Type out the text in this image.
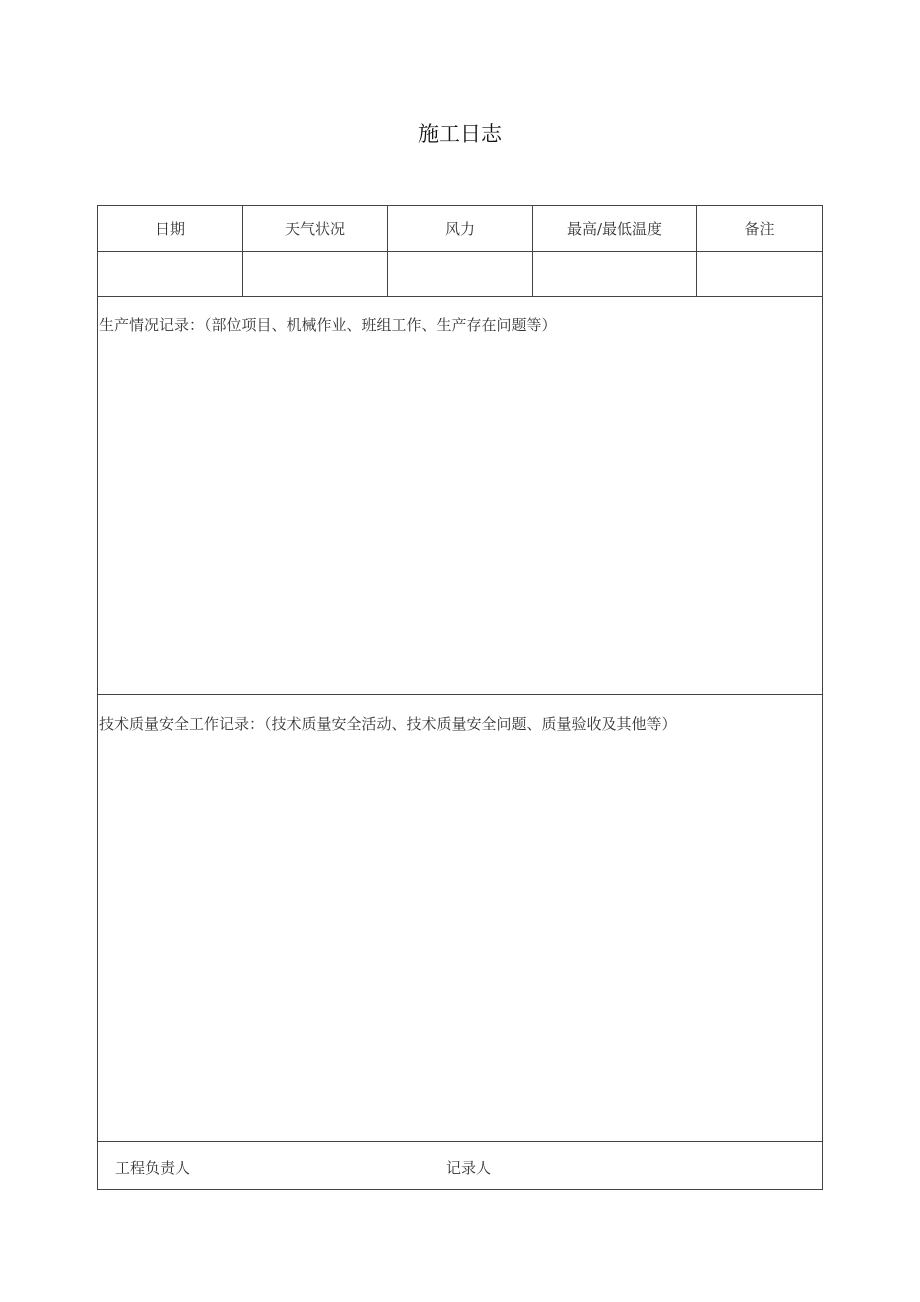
施工日志
日期	天气状况	风力	最高/最低温度	备注
生产情况记录：（部位项目、机械作业、班组工作、生产存在问题等）
技术质量安全工作记录：（技术质量安全活动、技术质量安全问题、质量验收及其他等）
工程负责人	记录人
